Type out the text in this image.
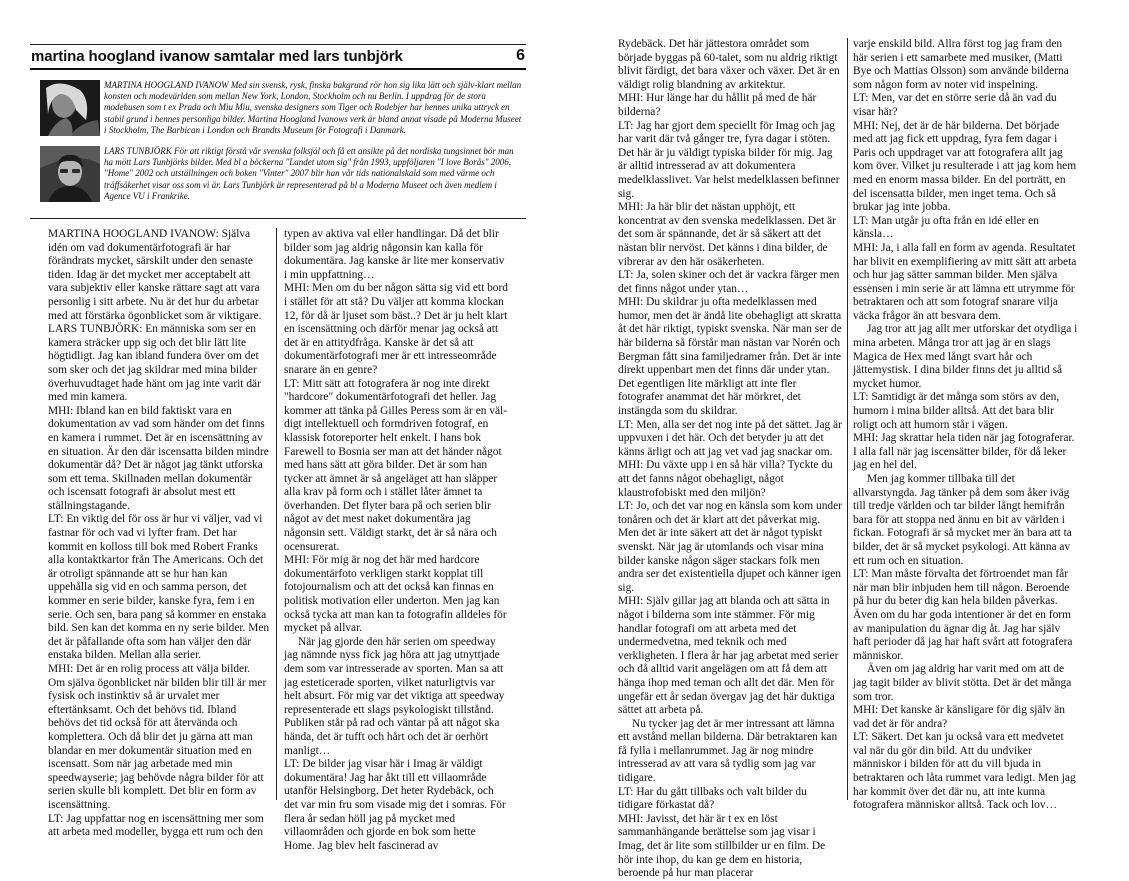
martina hoogland ivanow samtalar med lars tunbjörk	6
MARTINA HOOGLAND IVANOW Med sin svensk, rysk, finska bakgrund rör hon sig lika lätt och själv-klart mellan konsten och modevärlden som mellan New York, London, Stockholm och nu Berlin. I uppdrag för de stora modehusen som t ex Prada och Miu Miu, svenska designers som Tiger och Rodebjer har hennes unika uttryck en stabil grund i hennes personliga bilder. Martina Hoogland Ivanows verk är bland annat visade på Moderna Museet i Stockholm, The Barbican i London och Brandts Museum för Fotografi i Danmark.
LARS TUNBJÖRK För att riktigt förstå vår svenska folksjäl och få ett ansikte på det nordiska tungsinnet bör man ha mött Lars Tunbjörks bilder. Med bl a böckerna "Landet utom sig" från 1993, uppföljaren "I love Borås" 2006, "Home" 2002 och utställningen och boken "Vinter" 2007 blir han vår tids nationalskald som med värme och träffsäkerhet visar oss som vi är. Lars Tunbjörk är representerad på bl a Moderna Museet och även medlem i Agence VU i Frankrike.

MARTINA HOOGLAND IVANOW: Själva idén om vad dokumentärfotografi är har förändrats mycket, särskilt under den senaste tiden. Idag är det mycket mer acceptabelt att vara subjektiv eller kanske rättare sagt att vara personlig i sitt arbete. Nu är det hur du arbetar med att förstärka ögonblicket som är viktigare.

LARS TUNBJÖRK: En människa som ser en kamera sträcker upp sig och det blir lätt lite högtidligt. Jag kan ibland fundera över om det som sker och det jag skildrar med mina bilder överhuvudtaget hade hänt om jag inte varit där med min kamera.

MHI: Ibland kan en bild faktiskt vara en dokumentation av vad som händer om det finns en kamera i rummet. Det är en iscensättning av en situation. Är den där iscensatta bilden mindre dokumentär då? Det är något jag tänkt utforska som ett tema. Skillnaden mellan dokumentär och iscensatt fotografi är absolut mest ett ställningstagande.

LT: En viktig del för oss är hur vi väljer, vad vi fastnar för och vad vi lyfter fram. Det har kommit en kolloss till bok med Robert Franks alla kontaktkartor från The Americans. Och det är otroligt spännande att se hur han kan uppehålla sig vid en och samma person, det kommer en serie bilder, kanske fyra, fem i en serie. Och sen, bara pang så kommer en enstaka bild. Sen kan det komma en ny serie bilder. Men det är påfallande ofta som han väljer den där enstaka bilden. Mellan alla serier.

MHI: Det är en rolig process att välja bilder. Om själva ögonblicket när bilden blir till är mer fysisk och instinktiv så är urvalet mer eftertänksamt. Och det behövs tid. Ibland behövs det tid också för att återvända och komplettera. Och då blir det ju gärna att man blandar en mer dokumentär situation med en iscensatt. Som när jag arbetade med min speedwayserie; jag behövde några bilder för att serien skulle bli komplett. Det blir en form av iscensättning.

LT: Jag uppfattar nog en iscensättning mer som att arbeta med modeller, bygga ett rum och den

typen av aktiva val eller handlingar. Då det blir bilder som jag aldrig någonsin kan kalla för dokumentära. Jag kanske är lite mer konservativ i min uppfattning…

MHI: Men om du ber någon sätta sig vid ett bord i stället för att stå? Du väljer att komma klockan 12, för då är ljuset som bäst..? Det är ju helt klart en iscensättning och därför menar jag också att det är en attitydfråga. Kanske är det så att dokumentärfotografi mer är ett intresseområde snarare än en genre?

LT: Mitt sätt att fotografera är nog inte direkt "hardcore" dokumentärfotografi det heller. Jag kommer att tänka på Gilles Peress som är en väl-digt intellektuell och formdriven fotograf, en klassisk fotoreporter helt enkelt. I hans bok Farewell to Bosnia ser man att det händer något med hans sätt att göra bilder. Det är som han tycker att ämnet är så angeläget att han släpper alla krav på form och i stället låter ämnet ta överhanden. Det flyter bara på och serien blir något av det mest naket dokumentära jag någonsin sett. Väldigt starkt, det är så nära och ocensurerat.

MHI: För mig är nog det här med hardcore dokumentärfoto verkligen starkt kopplat till fotojournalism och att det också kan finnas en politisk motivation eller underton. Men jag kan också tycka att man kan ta fotografin alldeles för mycket på allvar.

När jag gjorde den här serien om speedway jag nämnde nyss fick jag höra att jag utnyttjade dem som var intresserade av sporten. Man sa att jag esteticerade sporten, vilket naturligtvis var helt absurt. För mig var det viktiga att speedway representerade ett slags psykologiskt tillstånd. Publiken står på rad och väntar på att något ska hända, det är tufft och hårt och det är oerhört manligt…

LT: De bilder jag visar här i Imag är väldigt dokumentära! Jag har åkt till ett villaområde utanför Helsingborg. Det heter Rydebäck, och det var min fru som visade mig det i somras. För flera år sedan höll jag på mycket med villaområden och gjorde en bok som hette Home. Jag blev helt fascinerad av

Rydebäck. Det här jättestora området som började byggas på 60-talet, som nu aldrig riktigt blivit färdigt, det bara växer och växer. Det är en väldigt rolig blandning av arkitektur.

MHI: Hur länge har du hållit på med de här bilderna?

LT: Jag har gjort dem speciellt för Imag och jag har varit där två gånger tre, fyra dagar i stöten. Det här är ju väldigt typiska bilder för mig. Jag är alltid intresserad av att dokumentera medelklasslivet. Var helst medelklassen befinner sig.

MHI: Ja här blir det nästan upphöjt, ett koncentrat av den svenska medelklassen. Det är det som är spännande, det är så säkert att det nästan blir nervöst. Det känns i dina bilder, de vibrerar av den här osäkerheten.

LT: Ja, solen skiner och det är vackra färger men det finns något under ytan…

MHI: Du skildrar ju ofta medelklassen med humor, men det är ändå lite obehagligt att skratta åt det här riktigt, typiskt svenska. När man ser de här bilderna så förstår man nästan var Norén och Bergman fått sina familjedramer från. Det är inte direkt uppenbart men det finns där under ytan. Det egentligen lite märkligt att inte fler fotografer anammat det här mörkret, det instängda som du skildrar.

LT: Men, alla ser det nog inte på det sättet. Jag är uppvuxen i det här. Och det betyder ju att det känns ärligt och att jag vet vad jag snackar om.

MHI: Du växte upp i en så här villa? Tyckte du att det fanns något obehagligt, något klaustrofobiskt med den miljön?

LT: Jo, och det var nog en känsla som kom under tonåren och det är klart att det påverkat mig. Men det är inte säkert att det är något typiskt svenskt. När jag är utomlands och visar mina bilder kanske någon säger stackars folk men andra ser det existentiella djupet och känner igen sig.

MHI: Själv gillar jag att blanda och att sätta in något i bilderna som inte stämmer. För mig handlar fotografi om att arbeta med det undermedvetna, med teknik och med verkligheten. I flera år har jag arbetat med serier och då alltid varit angelägen om att få dem att hänga ihop med teman och allt det där. Men för ungefär ett år sedan övergav jag det här duktiga sättet att arbeta på.

Nu tycker jag det är mer intressant att lämna ett avstånd mellan bilderna. Där betraktaren kan få fylla i mellanrummet. Jag är nog mindre intresserad av att vara så tydlig som jag var tidigare.

LT: Har du gått tillbaks och valt bilder du tidigare förkastat då?

MHI: Javisst, det här är t ex en löst sammanhängande berättelse som jag visar i Imag, det är lite som stillbilder ur en film. De hör inte ihop, du kan ge dem en historia, beroende på hur man placerar

varje enskild bild. Allra först tog jag fram den här serien i ett samarbete med musiker, (Matti Bye och Mattias Olsson) som använde bilderna som någon form av noter vid inspelning.

LT: Men, var det en större serie då än vad du visar här?

MHI: Nej, det är de här bilderna. Det började med att jag fick ett uppdrag, fyra fem dagar i Paris och uppdraget var att fotografera allt jag kom över. Vilket ju resulterade i att jag kom hem med en enorm massa bilder. En del porträtt, en del iscensatta bilder, men inget tema. Och så brukar jag inte jobba.

LT: Man utgår ju ofta från en idé eller en känsla…

MHI: Ja, i alla fall en form av agenda. Resultatet har blivit en exemplifiering av mitt sätt att arbeta och hur jag sätter samman bilder. Men själva essensen i min serie är att lämna ett utrymme för betraktaren och att som fotograf snarare vilja väcka frågor än att besvara dem.

Jag tror att jag allt mer utforskar det otydliga i mina arbeten. Många tror att jag är en slags Magica de Hex med långt svart hår och jättemystisk. I dina bilder finns det ju alltid så mycket humor.

LT: Samtidigt är det många som störs av den, humorn i mina bilder alltså. Att det bara blir roligt och att humorn står i vägen.

MHI: Jag skrattar hela tiden när jag fotograferar. I alla fall när jag iscensätter bilder, för då leker jag en hel del.

Men jag kommer tillbaka till det allvarstyngda. Jag tänker på dem som åker iväg till tredje världen och tar bilder långt hemifrån bara för att stoppa ned ännu en bit av världen i fickan. Fotografi är så mycket mer än bara att ta bilder, det är så mycket psykologi. Att känna av ett rum och en situation.

LT: Man måste förvalta det förtroendet man får när man blir inbjuden hem till någon. Beroende på hur du beter dig kan hela bilden påverkas. Även om du har goda intentioner är det en form av manipulation du ägnar dig åt. Jag har själv haft perioder då jag har haft svårt att fotografera människor.

Även om jag aldrig har varit med om att de jag tagit bilder av blivit stötta. Det är det många som tror.

MHI: Det kanske är känsligare för dig själv än vad det är för andra?

LT: Säkert. Det kan ju också vara ett medvetet val när du gör din bild. Att du undviker människor i bilden för att du vill bjuda in betraktaren och låta rummet vara ledigt. Men jag har kommit över det där nu, att inte kunna fotografera människor alltså. Tack och lov…
